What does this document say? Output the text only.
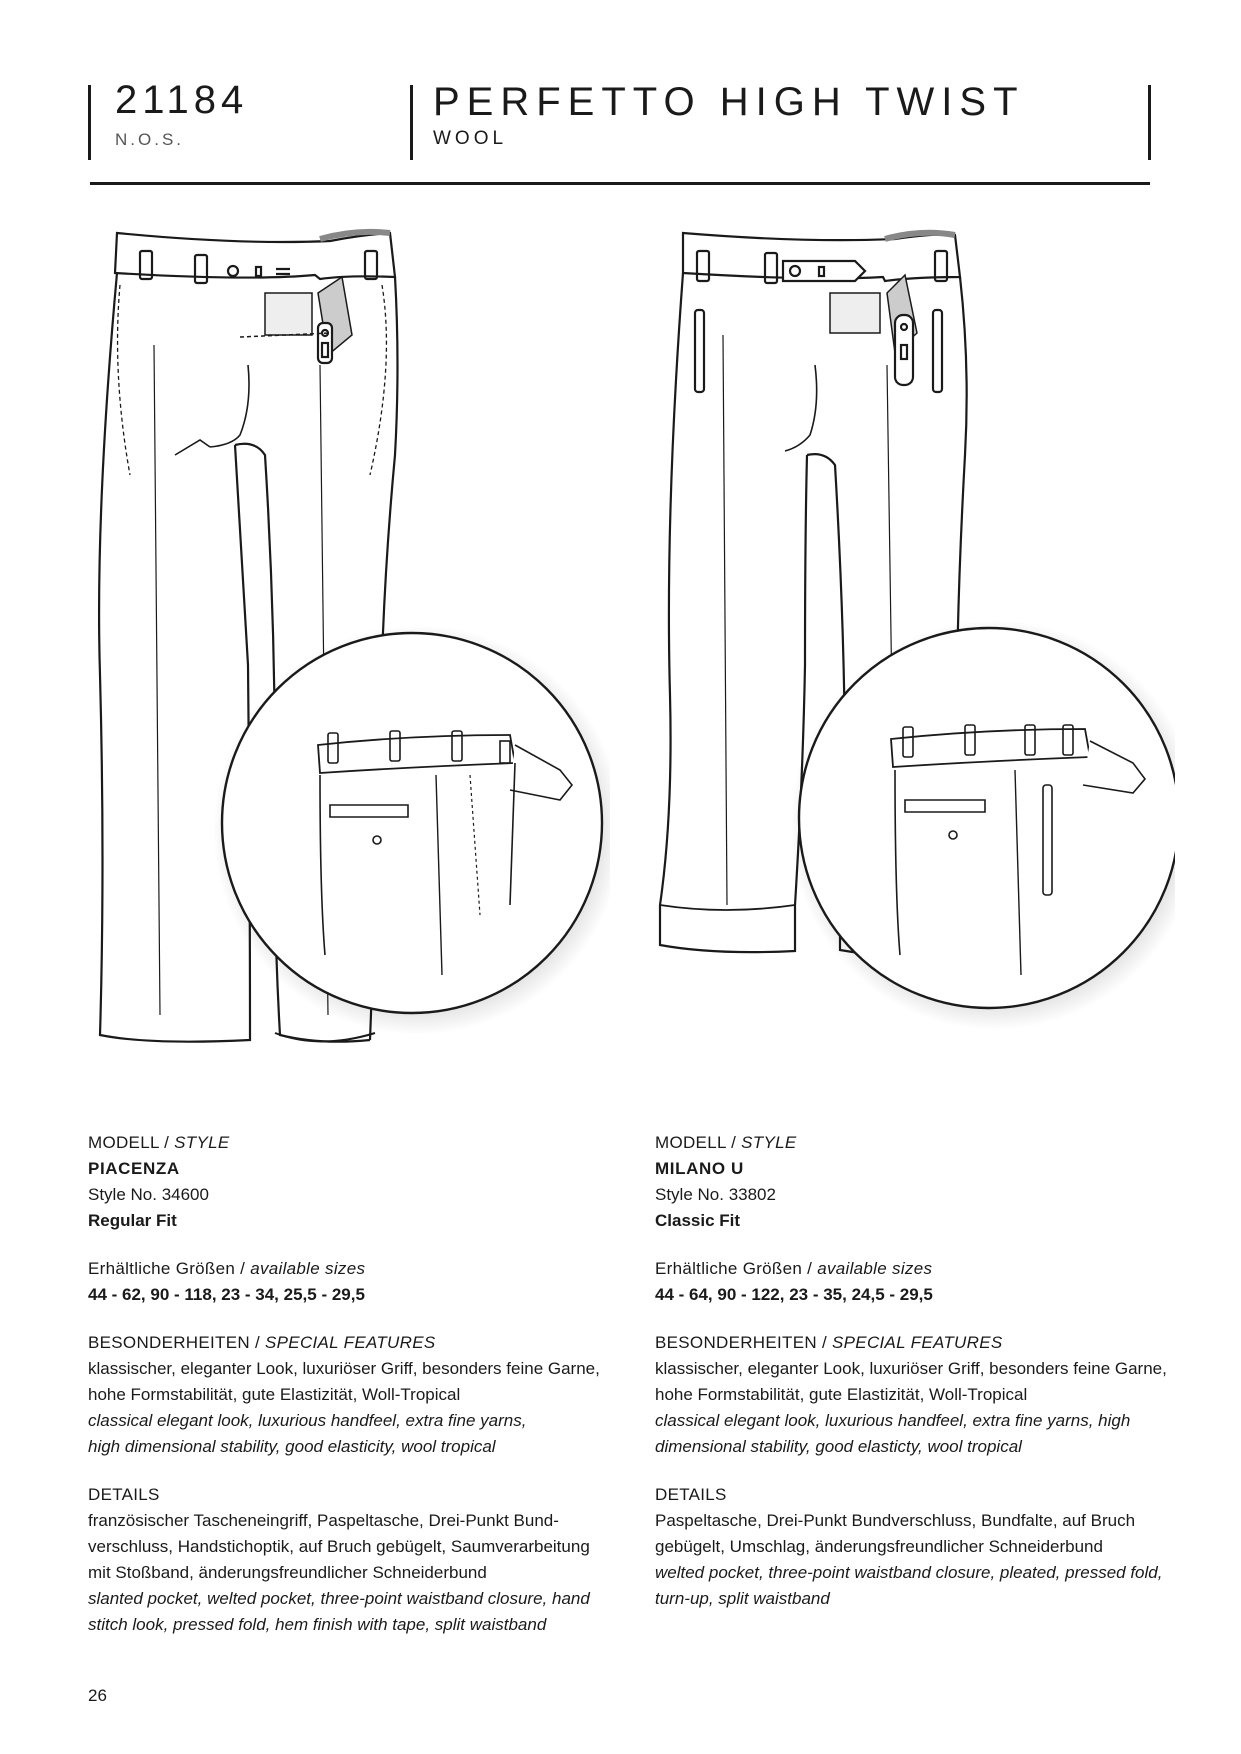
21184
N.O.S.
PERFETTO HIGH TWIST
WOOL

MODELL / STYLE

PIACENZA

Style No. 34600

Regular Fit

Erhältliche Größen / available sizes

44 - 62, 90 - 118, 23 - 34, 25,5 - 29,5

BESONDERHEITEN / SPECIAL FEATURES

klassischer, eleganter Look, luxuriöser Griff, besonders feine Garne,

hohe Formstabilität, gute Elastizität, Woll-Tropical

classical elegant look, luxurious handfeel, extra fine yarns,

high dimensional stability, good elasticity, wool tropical

DETAILS

französischer Tascheneingriff, Paspeltasche, Drei-Punkt Bund-

verschluss, Handstichoptik, auf Bruch gebügelt, Saumverarbeitung

mit Stoßband, änderungsfreundlicher Schneiderbund

slanted pocket, welted pocket, three-point waistband closure, hand

stitch look, pressed fold, hem finish with tape, split waistband

MODELL / STYLE

MILANO U

Style No. 33802

Classic Fit

Erhältliche Größen / available sizes

44 - 64, 90 - 122, 23 - 35, 24,5 - 29,5

BESONDERHEITEN / SPECIAL FEATURES

klassischer, eleganter Look, luxuriöser Griff, besonders feine Garne,

hohe Formstabilität, gute Elastizität, Woll-Tropical

classical elegant look, luxurious handfeel, extra fine yarns, high

dimensional stability, good elasticty, wool tropical

DETAILS

Paspeltasche, Drei-Punkt Bundverschluss, Bundfalte, auf Bruch

gebügelt, Umschlag, änderungsfreundlicher Schneiderbund

welted pocket, three-point waistband closure, pleated, pressed fold,

turn-up, split waistband

26
